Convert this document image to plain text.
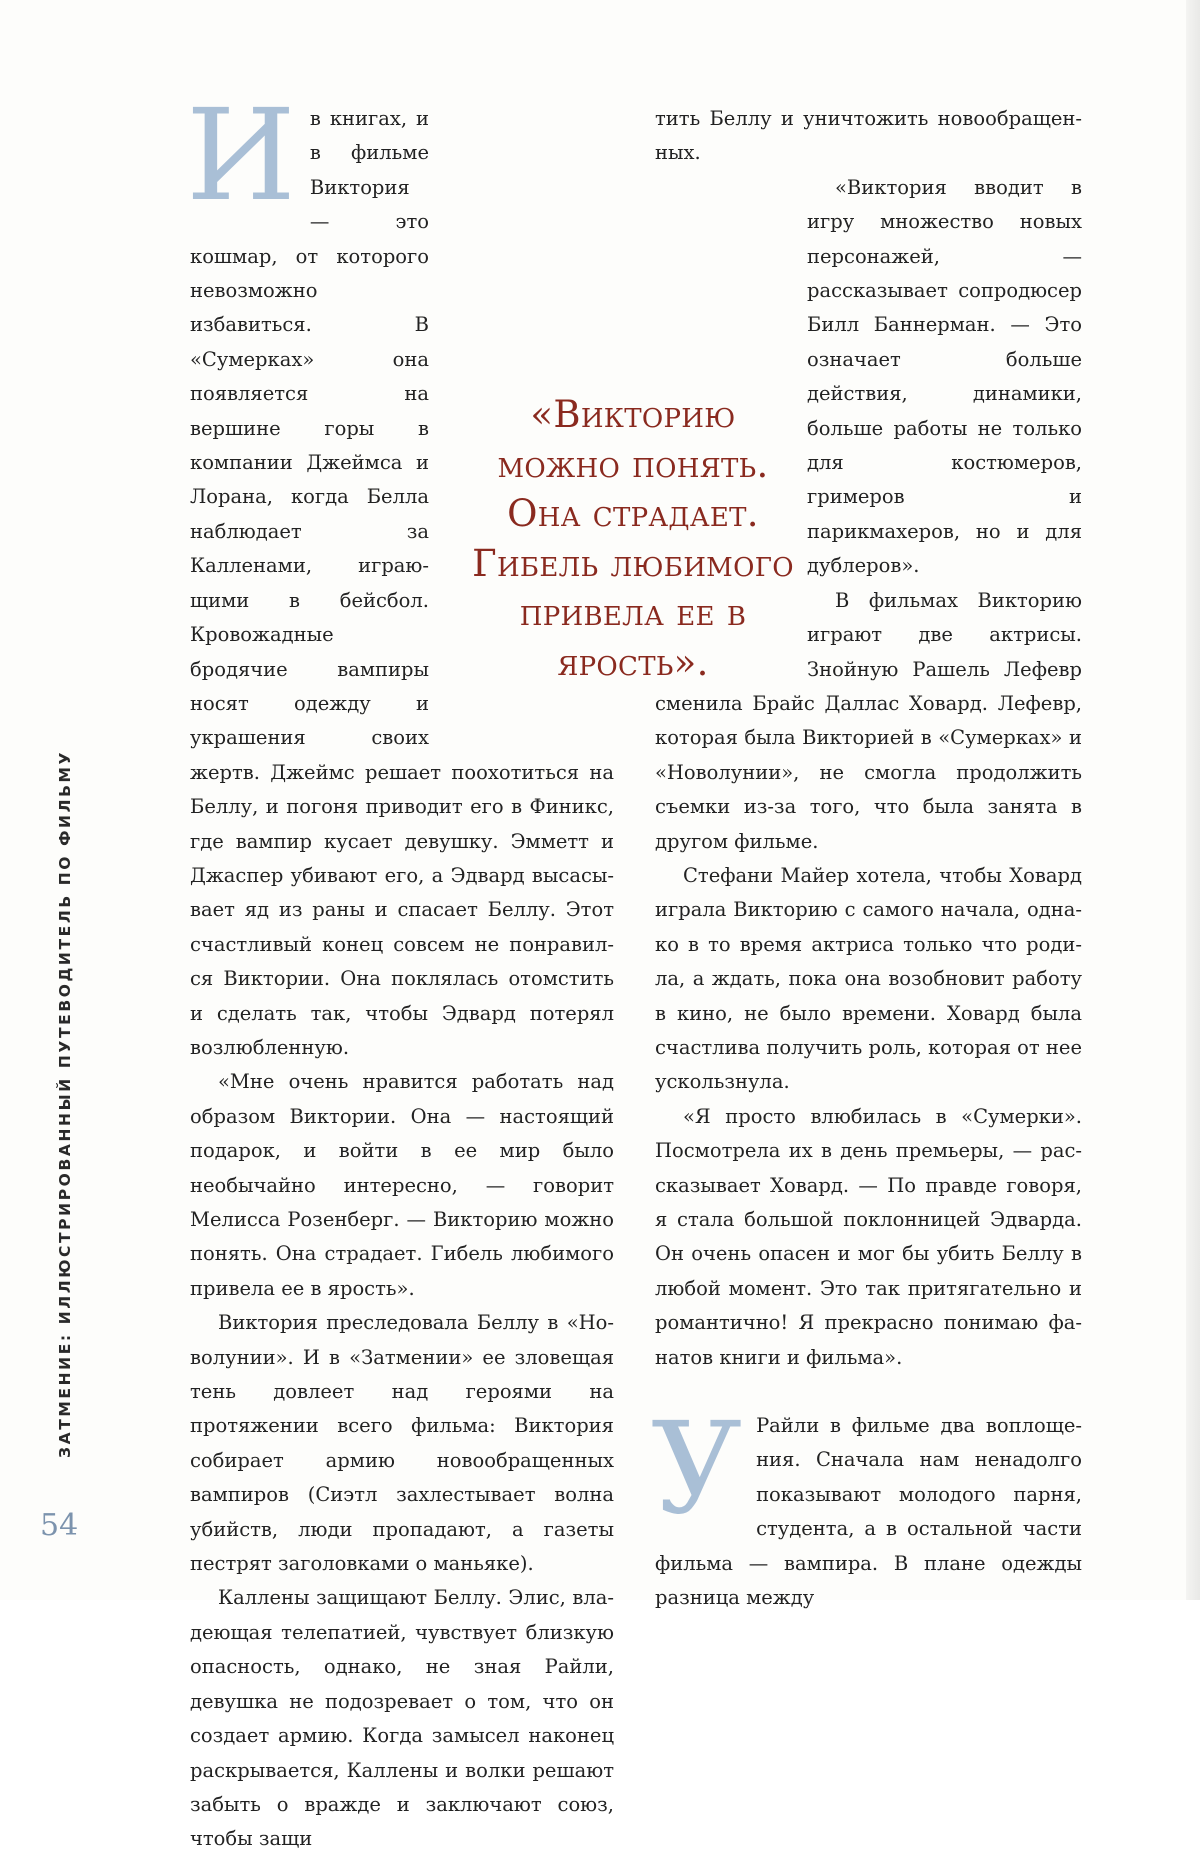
И в книгах, и в фильме Виктория — это кошмар, от которого невозможно избавиться. В «Сумерках» она появляется на вершине горы в компании Джеймса и Лорана, когда Белла наблюдает за Калленами, играющими в бейсбол. Кровожадные бродячие вампиры носят одежду и украшения своих жертв. Джеймс решает поохотиться на Беллу, и погоня приводит его в Финикс, где вампир кусает девушку. Эмметт и Джаспер убивают его, а Эдвард высасывает яд из раны и спасает Беллу. Этот счастливый конец совсем не понравился Виктории. Она поклялась отомстить и сделать так, чтобы Эдвард потерял возлюбленную.

«Мне очень нравится работать над образом Виктории. Она — настоящий подарок, и войти в ее мир было необычайно интересно, — говорит Мелисса Розенберг. — Викторию можно понять. Она страдает. Гибель любимого привела ее в ярость».

Виктория преследовала Беллу в «Новолунии». И в «Затмении» ее зловещая тень довлеет над героями на протяжении всего фильма: Виктория собирает армию новообращенных вампиров (Сиэтл захлестывает волна убийств, люди пропадают, а газеты пестрят заголовками о маньяке).

Каллены защищают Беллу. Элис, владеющая телепатией, чувствует близкую опасность, однако, не зная Райли, девушка не подозревает о том, что он создает армию. Когда замысел наконец раскрывается, Каллены и волки решают забыть о вражде и заключают союз, чтобы защи

тить Беллу и уничтожить новообращенных.

«Виктория вводит в игру множество новых персонажей, — рассказывает сопродюсер Билл Баннерман. — Это означает больше действия, динамики, больше работы не только для костюмеров, гримеров и парикмахеров, но и для дублеров».

В фильмах Викторию играют две актрисы. Знойную Рашель Лефевр сменила Брайс Даллас Ховард. Лефевр, которая была Викторией в «Сумерках» и «Новолунии», не смогла продолжить съемки из-за того, что была занята в другом фильме.

Стефани Майер хотела, чтобы Ховард играла Викторию с самого начала, однако в то время актриса только что родила, а ждать, пока она возобновит работу в кино, не было времени. Ховард была счастлива получить роль, которая от нее ускользнула.

«Я просто влюбилась в «Сумерки». Посмотрела их в день премьеры, — рассказывает Ховард. — По правде говоря, я стала большой поклонницей Эдварда. Он очень опасен и мог бы убить Беллу в любой момент. Это так притягательно и романтично! Я прекрасно понимаю фанатов книги и фильма».

У Райли в фильме два воплощения. Сначала нам ненадолго показывают молодого парня, студента, а в остальной части фильма — вампира. В плане одежды разница между

«Викторию можно понять. Она страдает. Гибель любимого привела ее в ярость».
ЗАТМЕНИЕ: ИЛЛЮСТРИРОВАННЫЙ ПУТЕВОДИТЕЛЬ ПО ФИЛЬМУ
54
